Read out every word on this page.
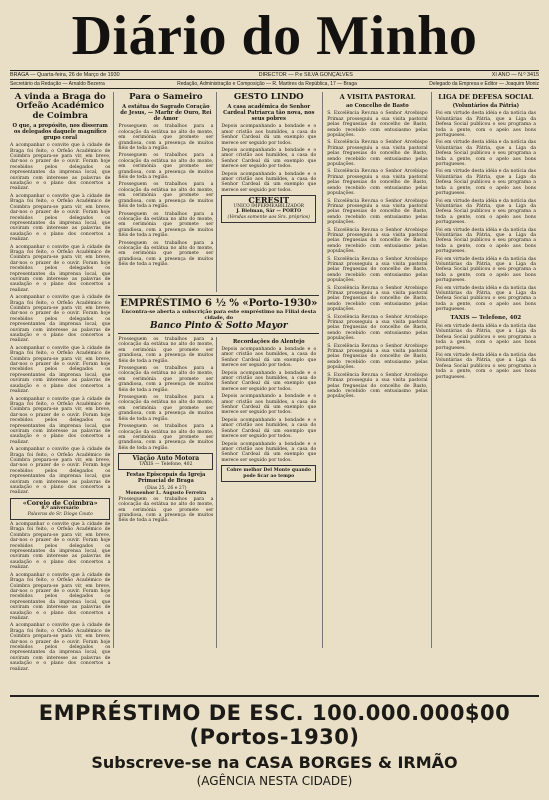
Diário do Minho
BRAGA — Quarta-feira, 26 de Março de 1930	DIRECTOR — P.e SILVA GONÇALVES	XI ANO — N.º 3415
Secretário da Redação — Arnaldo Bezerra	Redação, Administração e Composição — R. Martires da República, 17 — Braga	Delegado da Empresa e Editor — Joaquim Moniz
A vinda a Braga do Orfeão Académico de Coimbra
O que, a propósito, nos disseram os delegados daquele magnífico grupo coral

A acompanhar o convite que à cidade de Braga foi feito, o Orfeão Académico de Coimbra prepara-se para vir, em breve, dar-nos o prazer de o ouvir. Foram hoje recebidos pelos delegados os representantes da imprensa local, que ouviram com interesse as palavras de saudação e o plano dos concertos a realizar.

A acompanhar o convite que à cidade de Braga foi feito, o Orfeão Académico de Coimbra prepara-se para vir, em breve, dar-nos o prazer de o ouvir. Foram hoje recebidos pelos delegados os representantes da imprensa local, que ouviram com interesse as palavras de saudação e o plano dos concertos a realizar.

A acompanhar o convite que à cidade de Braga foi feito, o Orfeão Académico de Coimbra prepara-se para vir, em breve, dar-nos o prazer de o ouvir. Foram hoje recebidos pelos delegados os representantes da imprensa local, que ouviram com interesse as palavras de saudação e o plano dos concertos a realizar.

A acompanhar o convite que à cidade de Braga foi feito, o Orfeão Académico de Coimbra prepara-se para vir, em breve, dar-nos o prazer de o ouvir. Foram hoje recebidos pelos delegados os representantes da imprensa local, que ouviram com interesse as palavras de saudação e o plano dos concertos a realizar.

A acompanhar o convite que à cidade de Braga foi feito, o Orfeão Académico de Coimbra prepara-se para vir, em breve, dar-nos o prazer de o ouvir. Foram hoje recebidos pelos delegados os representantes da imprensa local, que ouviram com interesse as palavras de saudação e o plano dos concertos a realizar.

A acompanhar o convite que à cidade de Braga foi feito, o Orfeão Académico de Coimbra prepara-se para vir, em breve, dar-nos o prazer de o ouvir. Foram hoje recebidos pelos delegados os representantes da imprensa local, que ouviram com interesse as palavras de saudação e o plano dos concertos a realizar.

A acompanhar o convite que à cidade de Braga foi feito, o Orfeão Académico de Coimbra prepara-se para vir, em breve, dar-nos o prazer de o ouvir. Foram hoje recebidos pelos delegados os representantes da imprensa local, que ouviram com interesse as palavras de saudação e o plano dos concertos a realizar.

«Coreio de Coimbra»
8.º aniversário
Palavras do Sr. Diogo Couto

A acompanhar o convite que à cidade de Braga foi feito, o Orfeão Académico de Coimbra prepara-se para vir, em breve, dar-nos o prazer de o ouvir. Foram hoje recebidos pelos delegados os representantes da imprensa local, que ouviram com interesse as palavras de saudação e o plano dos concertos a realizar.

A acompanhar o convite que à cidade de Braga foi feito, o Orfeão Académico de Coimbra prepara-se para vir, em breve, dar-nos o prazer de o ouvir. Foram hoje recebidos pelos delegados os representantes da imprensa local, que ouviram com interesse as palavras de saudação e o plano dos concertos a realizar.

A acompanhar o convite que à cidade de Braga foi feito, o Orfeão Académico de Coimbra prepara-se para vir, em breve, dar-nos o prazer de o ouvir. Foram hoje recebidos pelos delegados os representantes da imprensa local, que ouviram com interesse as palavras de saudação e o plano dos concertos a realizar.

Para o Sameiro
A estátua do Sagrado Coração de Jesus, — Marfir de Ouro, Rei de Amor

Prosseguem os trabalhos para a colocação da estátua no alto do monte, em cerimónia que promete ser grandiosa, com a presença de muitos fiéis de toda a região.

Prosseguem os trabalhos para a colocação da estátua no alto do monte, em cerimónia que promete ser grandiosa, com a presença de muitos fiéis de toda a região.

Prosseguem os trabalhos para a colocação da estátua no alto do monte, em cerimónia que promete ser grandiosa, com a presença de muitos fiéis de toda a região.

Prosseguem os trabalhos para a colocação da estátua no alto do monte, em cerimónia que promete ser grandiosa, com a presença de muitos fiéis de toda a região.

Prosseguem os trabalhos para a colocação da estátua no alto do monte, em cerimónia que promete ser grandiosa, com a presença de muitos fiéis de toda a região.

GESTO LINDO
A casa académica do Senhor Cardeal Patriarca tão nova, nos seus pobres

Depois acompanhando a bondade e o amor cristão aos humildes, a casa do Senhor Cardeal dá um exemplo que merece ser seguido por todos.

Depois acompanhando a bondade e o amor cristão aos humildes, a casa do Senhor Cardeal dá um exemplo que merece ser seguido por todos.

Depois acompanhando a bondade e o amor cristão aos humildes, a casa do Senhor Cardeal dá um exemplo que merece ser seguido por todos.

CERESIT
UNICO IMPERMEABILIZADOR
J. Bielman, Sár — PORTO
(Vendas somente aos Srs. próprios)
EMPRÉSTIMO 6 ½ % «Porto-1930»
Encontra-se aberta a subscrição para este empréstimo na Filial desta cidade, do
Banco Pinto & Sotto Mayor

Prosseguem os trabalhos para a colocação da estátua no alto do monte, em cerimónia que promete ser grandiosa, com a presença de muitos fiéis de toda a região.

Prosseguem os trabalhos para a colocação da estátua no alto do monte, em cerimónia que promete ser grandiosa, com a presença de muitos fiéis de toda a região.

Prosseguem os trabalhos para a colocação da estátua no alto do monte, em cerimónia que promete ser grandiosa, com a presença de muitos fiéis de toda a região.

Prosseguem os trabalhos para a colocação da estátua no alto do monte, em cerimónia que promete ser grandiosa, com a presença de muitos fiéis de toda a região.

Viação Auto Motora
TAXIS — Telefone, 402
Festas Episcopais da Igreja Primacial de Braga
(Dias 25, 26 e 27)
Monsenhor L. Augusto Ferreira

Prosseguem os trabalhos para a colocação da estátua no alto do monte, em cerimónia que promete ser grandiosa, com a presença de muitos fiéis de toda a região.

Recordações do Alentejo

Depois acompanhando a bondade e o amor cristão aos humildes, a casa do Senhor Cardeal dá um exemplo que merece ser seguido por todos.

Depois acompanhando a bondade e o amor cristão aos humildes, a casa do Senhor Cardeal dá um exemplo que merece ser seguido por todos.

Depois acompanhando a bondade e o amor cristão aos humildes, a casa do Senhor Cardeal dá um exemplo que merece ser seguido por todos.

Depois acompanhando a bondade e o amor cristão aos humildes, a casa do Senhor Cardeal dá um exemplo que merece ser seguido por todos.

Depois acompanhando a bondade e o amor cristão aos humildes, a casa do Senhor Cardeal dá um exemplo que merece ser seguido por todos.

Cobre melhor Del Monte quando pode ficar ao tempo
A VISITA PASTORAL
ao Concelho de Basto

S. Excelência Rev.ma o Senhor Arcebispo Primaz prosseguiu a sua visita pastoral pelas freguesias do concelho de Basto, sendo recebido com entusiasmo pelas populações.

S. Excelência Rev.ma o Senhor Arcebispo Primaz prosseguiu a sua visita pastoral pelas freguesias do concelho de Basto, sendo recebido com entusiasmo pelas populações.

S. Excelência Rev.ma o Senhor Arcebispo Primaz prosseguiu a sua visita pastoral pelas freguesias do concelho de Basto, sendo recebido com entusiasmo pelas populações.

S. Excelência Rev.ma o Senhor Arcebispo Primaz prosseguiu a sua visita pastoral pelas freguesias do concelho de Basto, sendo recebido com entusiasmo pelas populações.

S. Excelência Rev.ma o Senhor Arcebispo Primaz prosseguiu a sua visita pastoral pelas freguesias do concelho de Basto, sendo recebido com entusiasmo pelas populações.

S. Excelência Rev.ma o Senhor Arcebispo Primaz prosseguiu a sua visita pastoral pelas freguesias do concelho de Basto, sendo recebido com entusiasmo pelas populações.

S. Excelência Rev.ma o Senhor Arcebispo Primaz prosseguiu a sua visita pastoral pelas freguesias do concelho de Basto, sendo recebido com entusiasmo pelas populações.

S. Excelência Rev.ma o Senhor Arcebispo Primaz prosseguiu a sua visita pastoral pelas freguesias do concelho de Basto, sendo recebido com entusiasmo pelas populações.

S. Excelência Rev.ma o Senhor Arcebispo Primaz prosseguiu a sua visita pastoral pelas freguesias do concelho de Basto, sendo recebido com entusiasmo pelas populações.

S. Excelência Rev.ma o Senhor Arcebispo Primaz prosseguiu a sua visita pastoral pelas freguesias do concelho de Basto, sendo recebido com entusiasmo pelas populações.

LIGA DE DEFESA SOCIAL
(Voluntários da Pátria)

Foi em virtude desta idéia e da notícia das Voluntárias da Pátria, que a Liga da Defesa Social publicou o seu programa a toda a gente, com o apelo aos bons portugueses.

Foi em virtude desta idéia e da notícia das Voluntárias da Pátria, que a Liga da Defesa Social publicou o seu programa a toda a gente, com o apelo aos bons portugueses.

Foi em virtude desta idéia e da notícia das Voluntárias da Pátria, que a Liga da Defesa Social publicou o seu programa a toda a gente, com o apelo aos bons portugueses.

Foi em virtude desta idéia e da notícia das Voluntárias da Pátria, que a Liga da Defesa Social publicou o seu programa a toda a gente, com o apelo aos bons portugueses.

Foi em virtude desta idéia e da notícia das Voluntárias da Pátria, que a Liga da Defesa Social publicou o seu programa a toda a gente, com o apelo aos bons portugueses.

Foi em virtude desta idéia e da notícia das Voluntárias da Pátria, que a Liga da Defesa Social publicou o seu programa a toda a gente, com o apelo aos bons portugueses.

Foi em virtude desta idéia e da notícia das Voluntárias da Pátria, que a Liga da Defesa Social publicou o seu programa a toda a gente, com o apelo aos bons portugueses.

TAXIS — Telefone, 402

Foi em virtude desta idéia e da notícia das Voluntárias da Pátria, que a Liga da Defesa Social publicou o seu programa a toda a gente, com o apelo aos bons portugueses.

Foi em virtude desta idéia e da notícia das Voluntárias da Pátria, que a Liga da Defesa Social publicou o seu programa a toda a gente, com o apelo aos bons portugueses.

EMPRÉSTIMO DE ESC. 100.000.000$00 (Portos-1930)
Subscreve-se na CASA BORGES & IRMÃO
(AGÊNCIA NESTA CIDADE)
